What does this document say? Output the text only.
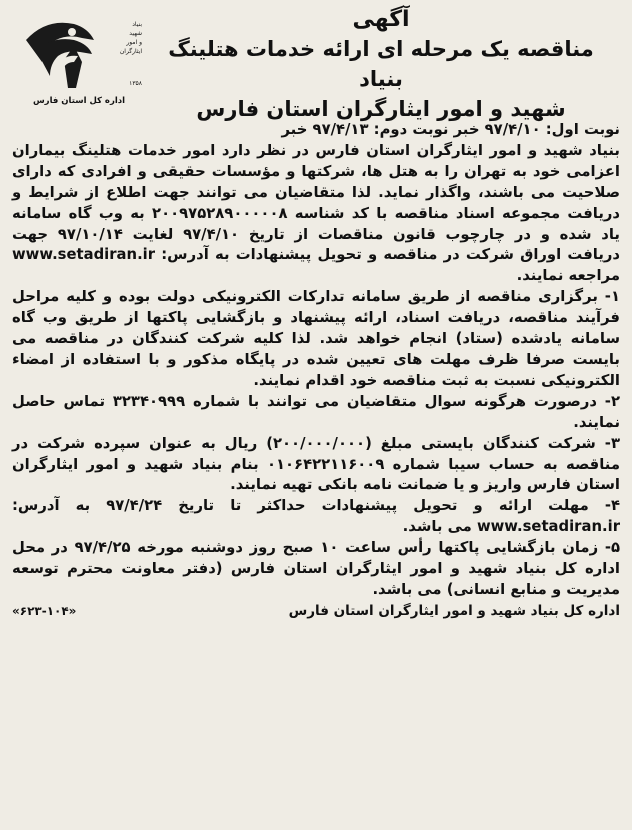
آگهی
مناقصه یک مرحله ای ارائه خدمات هتلینگ بنیاد
شهید و امور ایثارگران استان فارس
بنیاد
شهید
و امور ایثارگران
۱۳۵۸
اداره کل استان فارس

نوبت اول: ۹۷/۴/۱۰ خبر نوبت دوم: ۹۷/۴/۱۳ خبر

بنیاد شهید و امور ایثارگران استان فارس در نظر دارد امور خدمات هتلینگ بیماران اعزامی خود به تهران را به هتل ها، شرکتها و مؤسسات حقیقی و افرادی که دارای صلاحیت می باشند، واگذار نماید. لذا متقاضیان می توانند جهت اطلاع از شرایط و دریافت مجموعه اسناد مناقصه با کد شناسه ۲۰۰۹۷۵۲۸۹۰۰۰۰۰۸ به وب گاه سامانه یاد شده و در چارچوب قانون مناقصات از تاریخ ۹۷/۴/۱۰ لغایت ۹۷/۱۰/۱۴ جهت دریافت اوراق شرکت در مناقصه و تحویل پیشنهادات به آدرس: www.setadiran.ir مراجعه نمایند.

۱- برگزاری مناقصه از طریق سامانه تدارکات الکترونیکی دولت بوده و کلیه مراحل فرآیند مناقصه، دریافت اسناد، ارائه پیشنهاد و بازگشایی پاکتها از طریق وب گاه سامانه یادشده (ستاد) انجام خواهد شد. لذا کلیه شرکت کنندگان در مناقصه می بایست صرفا ظرف مهلت های تعیین شده در پایگاه مذکور و با استفاده از امضاء الکترونیکی نسبت به ثبت مناقصه خود اقدام نمایند.

۲- درصورت هرگونه سوال متقاضیان می توانند با شماره ۳۲۳۴۰۹۹۹ تماس حاصل نمایند.

۳- شرکت کنندگان بایستی مبلغ (۲۰۰/۰۰۰/۰۰۰) ریال به عنوان سپرده شرکت در مناقصه به حساب سیبا شماره ۰۱۰۶۴۲۲۱۱۶۰۰۹ بنام بنیاد شهید و امور ایثارگران استان فارس واریز و یا ضمانت نامه بانکی تهیه نمایند.

۴- مهلت ارائه و تحویل پیشنهادات حداکثر تا تاریخ ۹۷/۴/۲۴ به آدرس: www.setadiran.ir می باشد.

۵- زمان بازگشایی پاکتها رأس ساعت ۱۰ صبح روز دوشنبه مورخه ۹۷/۴/۲۵ در محل اداره کل بنیاد شهید و امور ایثارگران استان فارس (دفتر معاونت محترم توسعه مدیریت و منابع انسانی) می باشد.

اداره کل بنیاد شهید و امور ایثارگران استان فارس
«۶۲۳-۱۰۴»
